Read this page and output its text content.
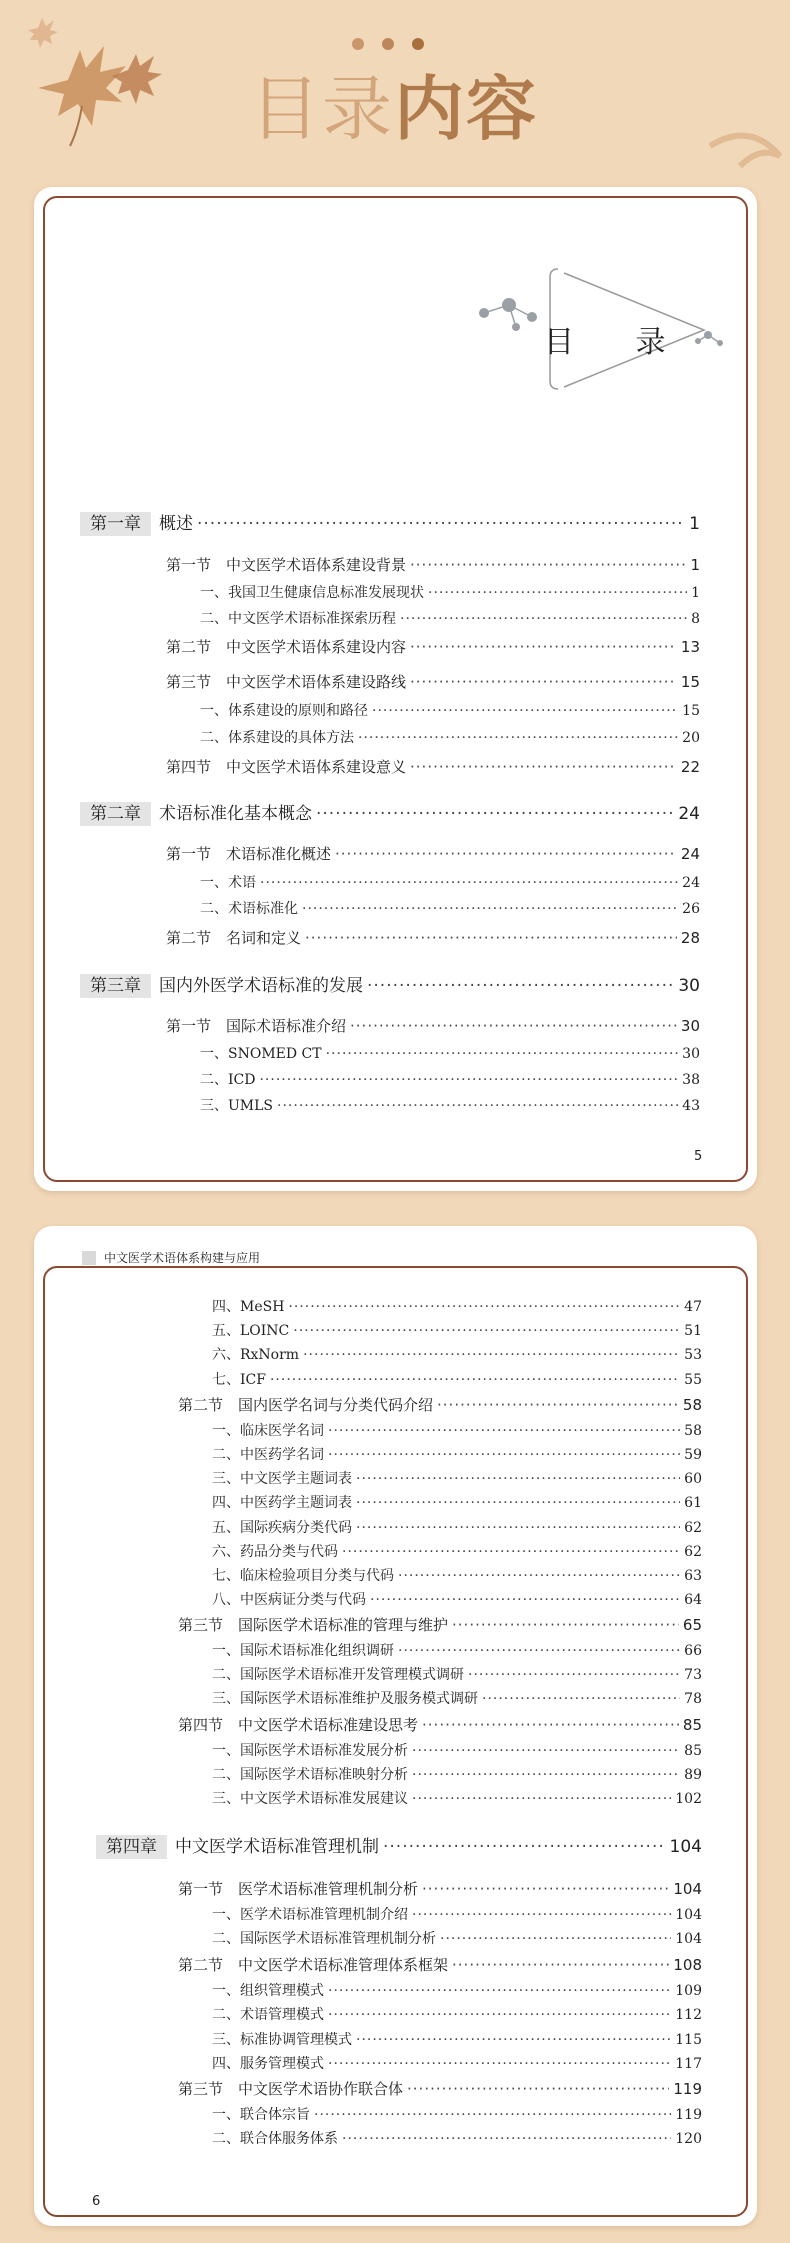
目录内容
目 录
第一章 概述 ·····	1
第一节　中文医学术语体系建设背景 ·····	1
一、我国卫生健康信息标准发展现状 ·····	1
二、中文医学术语标准探索历程 ·····	8
第二节　中文医学术语体系建设内容 ·····	13
第三节　中文医学术语体系建设路线 ·····	15
一、体系建设的原则和路径 ·····	15
二、体系建设的具体方法 ·····	20
第四节　中文医学术语体系建设意义 ·····	22
第二章 术语标准化基本概念 ·····	24
第一节　术语标准化概述 ·····	24
一、术语 ·····	24
二、术语标准化 ·····	26
第二节　名词和定义 ·····	28
第三章 国内外医学术语标准的发展 ·····	30
第一节　国际术语标准介绍 ·····	30
一、SNOMED CT ·····	30
二、ICD ·····	38
三、UMLS ·····	43
5
中文医学术语体系构建与应用
四、MeSH ·····	47
五、LOINC ·····	51
六、RxNorm ·····	53
七、ICF ·····	55
第二节　国内医学名词与分类代码介绍 ·····	58
一、临床医学名词 ·····	58
二、中医药学名词 ·····	59
三、中文医学主题词表 ·····	60
四、中医药学主题词表 ·····	61
五、国际疾病分类代码 ·····	62
六、药品分类与代码 ·····	62
七、临床检验项目分类与代码 ·····	63
八、中医病证分类与代码 ·····	64
第三节　国际医学术语标准的管理与维护 ·····	65
一、国际术语标准化组织调研 ·····	66
二、国际医学术语标准开发管理模式调研 ·····	73
三、国际医学术语标准维护及服务模式调研 ·····	78
第四节　中文医学术语标准建设思考 ·····	85
一、国际医学术语标准发展分析 ·····	85
二、国际医学术语标准映射分析 ·····	89
三、中文医学术语标准发展建议 ·····	102
第四章 中文医学术语标准管理机制 ·····	104
第一节　医学术语标准管理机制分析 ·····	104
一、医学术语标准管理机制介绍 ·····	104
二、国际医学术语标准管理机制分析 ·····	104
第二节　中文医学术语标准管理体系框架 ·····	108
一、组织管理模式 ·····	109
二、术语管理模式 ·····	112
三、标准协调管理模式 ·····	115
四、服务管理模式 ·····	117
第三节　中文医学术语协作联合体 ·····	119
一、联合体宗旨 ·····	119
二、联合体服务体系 ·····	120
6
